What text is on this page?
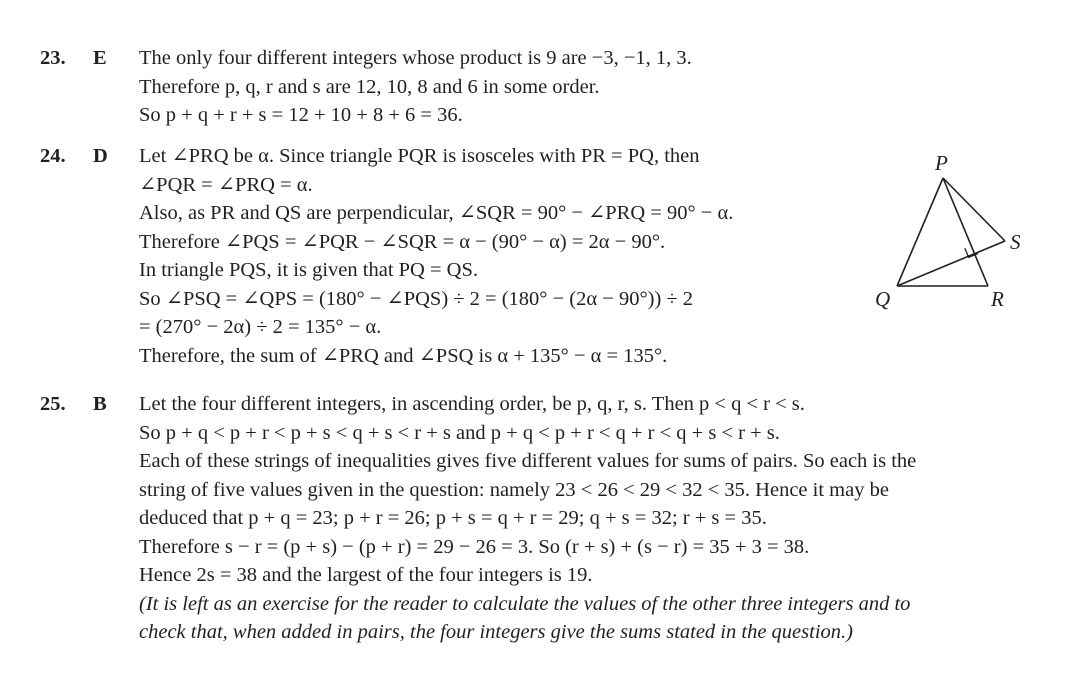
23. E The only four different integers whose product is 9 are −3, −1, 1, 3.
Therefore p, q, r and s are 12, 10, 8 and 6 in some order.
So p + q + r + s = 12 + 10 + 8 + 6 = 36.
24. D Let ∠PRQ be α. Since triangle PQR is isosceles with PR = PQ, then
∠PQR = ∠PRQ = α.
Also, as PR and QS are perpendicular, ∠SQR = 90° − ∠PRQ = 90° − α.
Therefore ∠PQS = ∠PQR − ∠SQR = α − (90° − α) = 2α − 90°.
In triangle PQS, it is given that PQ = QS.
So ∠PSQ = ∠QPS = (180° − ∠PQS) ÷ 2 = (180° − (2α − 90°)) ÷ 2
= (270° − 2α) ÷ 2 = 135° − α.
Therefore, the sum of ∠PRQ and ∠PSQ is α + 135° − α = 135°.
P
Q	R
S
25. B Let the four different integers, in ascending order, be p, q, r, s. Then p < q < r < s.
So p + q < p + r < p + s < q + s < r + s and p + q < p + r < q + r < q + s < r + s.
Each of these strings of inequalities gives five different values for sums of pairs. So each is the
string of five values given in the question: namely 23 < 26 < 29 < 32 < 35. Hence it may be
deduced that p + q = 23; p + r = 26; p + s = q + r = 29; q + s = 32; r + s = 35.
Therefore s − r = (p + s) − (p + r) = 29 − 26 = 3. So (r + s) + (s − r) = 35 + 3 = 38.
Hence 2s = 38 and the largest of the four integers is 19.
(It is left as an exercise for the reader to calculate the values of the other three integers and to
check that, when added in pairs, the four integers give the sums stated in the question.)
